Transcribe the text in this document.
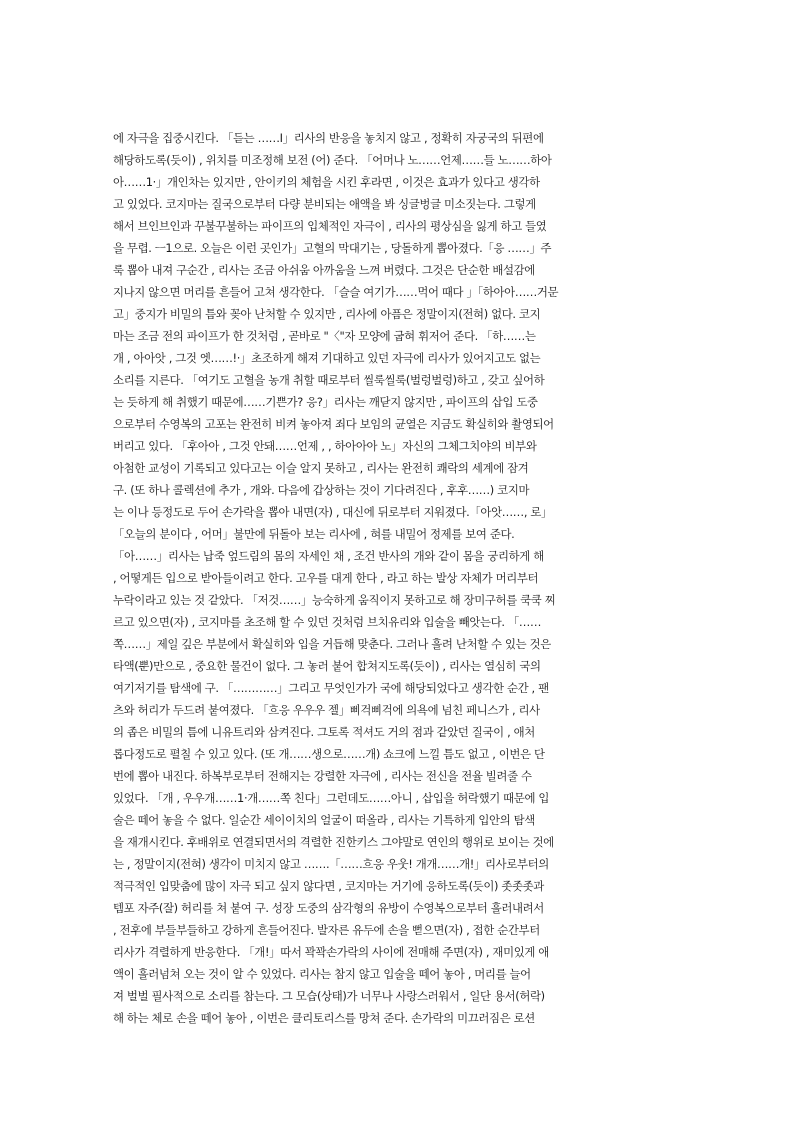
에 자극을 집중시킨다. 「듣는 ……I」리사의 반응을 놓치지 않고 , 정확히 자궁국의 뒤편에
해당하도록(듯이) , 위치를 미조정해 보전 (어) 준다. 「어머나 노……언제……들 노……하아
아……1·」개인차는 있지만 , 안이키의 체험을 시킨 후라면 , 이것은 효과가 있다고 생각하
고 있었다. 코지마는 질국으로부터 다량 분비되는 애액을 봐 싱글벙글 미소짓는다. 그렇게
해서 브인브인과 꾸불꾸불하는 파이프의 입체적인 자극이 , 리사의 평상심을 잃게 하고 들였
을 무렵. ㅡ1으로. 오늘은 이런 곳인가」고혈의 막대기는 , 당돌하게 뽑아졌다.「응 ……」주
룩 뽑아 내져 구순간 , 리사는 조금 아쉬움 아까움을 느껴 버렸다. 그것은 단순한 배설감에
지나지 않으면 머리를 흔들어 고쳐 생각한다. 「슬슬 여기가……먹어 때다 」「하아아……거문
고」중지가 비밀의 틈와 꽂아 난처할 수 있지만 , 리사에 아픔은 정말이지(전혀) 없다. 코지
마는 조금 전의 파이프가 한 것처럼 , 곧바로 "〈"자 모양에 굽혀 휘저어 준다. 「하……는
개 , 아아앗 , 그것 엣……!·」초조하게 해져 기대하고 있던 자극에 리사가 있어지고도 없는
소리를 지른다. 「여기도 고혈을 농개 취할 때로부터 씰룩씰룩(벌렁벌렁)하고 , 갖고 싶어하
는 듯하게 해 취했기 때문에……기쁜가? 응?」리사는 깨닫지 않지만 , 파이프의 삽입 도중
으로부터 수영복의 고포는 완전히 비켜 놓아져 죄다 보임의 균열은 지금도 확실히와 촬영되어
버리고 있다. 「후아아 , 그것 안돼……언제 , , 하아아아 노」자신의 그체그치야의 비부와
아첨한 교성이 기록되고 있다고는 이슬 알지 못하고 , 리사는 완전히 쾌락의 세계에 잠겨
구. (또 하나 콜렉션에 추가 , 개와. 다음에 갑상하는 것이 기다려진다 , 후후……) 코지마
는 이나 등정도로 두어 손가락을 뽑아 내면(자) , 대신에 뒤로부터 지워졌다.「아앗……, 로」
「오늘의 분이다 , 어머」불만에 뒤돌아 보는 리사에 , 혀를 내밀어 정제를 보여 준다.
「아……」리사는 납죽 엎드림의 몸의 자세인 채 , 조건 반사의 개와 같이 몸을 궁리하게 해
, 어떻게든 입으로 받아들이려고 한다. 고우를 대게 한다 , 라고 하는 발상 자체가 머리부터
누락이라고 있는 것 같았다. 「저것……」능숙하게 움직이지 못하고로 해 장미구허를 쿡쿡 찌
르고 있으면(자) , 코지마를 초조해 할 수 있던 것처럼 브치유리와 입술을 빼앗는다. 「……
쪽……」제일 깊은 부분에서 확실히와 입을 거듭해 맞춘다. 그러나 흘려 난처할 수 있는 것은
타액(뿐)만으로 , 중요한 물건이 없다. 그 놓러 붙어 합쳐지도록(듯이) , 리사는 열심히 국의
여기저기를 탐색에 구. 「…………」그리고 무엇인가가 국에 해당되었다고 생각한 순간 , 팬
츠와 허리가 두드려 붙여졌다. 「흐응 우우우 젤」삐걱삐걱에 의욕에 넘친 페니스가 , 리사
의 좁은 비밀의 틈에 니유트리와 삼켜진다. 그토록 적셔도 거의 점과 같았던 질국이 , 애처
롭다정도로 펼칠 수 있고 있다. (또 개……생으로……개) 쇼크에 느낄 틈도 없고 , 이번은 단
번에 뽑아 내진다. 하복부로부터 전해지는 강렬한 자극에 , 리사는 전신을 전율 빌려줄 수
있었다. 「개 , 우우개……1·개……쪽 친다」그런데도……아니 , 삽입을 허락했기 때문에 입
술은 떼어 놓을 수 없다. 일순간 세이이치의 얼굴이 떠올라 , 리사는 기특하게 입안의 탐색
을 재개시킨다. 후배위로 연결되면서의 격렬한 진한키스 그야말로 연인의 행위로 보이는 것에
는 , 정말이지(전혀) 생각이 미치지 않고 …….「……흐응 우웃! 개개……개!」리사로부터의
적극적인 입맞춤에 많이 자극 되고 싶지 않다면 , 코지마는 거기에 응하도록(듯이) 좃좃좃과
템포 자주(잘) 허리를 쳐 붙여 구. 성장 도중의 삼각형의 유방이 수영복으로부터 흘러내려서
, 전후에 부들부들하고 강하게 흔들어진다. 발자른 유두에 손을 뻗으면(자) , 접한 순간부터
리사가 격렬하게 반응한다. 「개!」따서 꽉꽉손가락의 사이에 전매해 주면(자) , 재미있게 애
액이 흘러넘쳐 오는 것이 알 수 있었다. 리사는 참지 않고 입술을 떼어 놓아 , 머리를 늘어
져 벌벌 필사적으로 소리를 참는다. 그 모습(상태)가 너무나 사랑스러워서 , 일단 용서(허락)
해 하는 체로 손을 떼어 놓아 , 이번은 클리토리스를 망쳐 준다. 손가락의 미끄러짐은 로션
